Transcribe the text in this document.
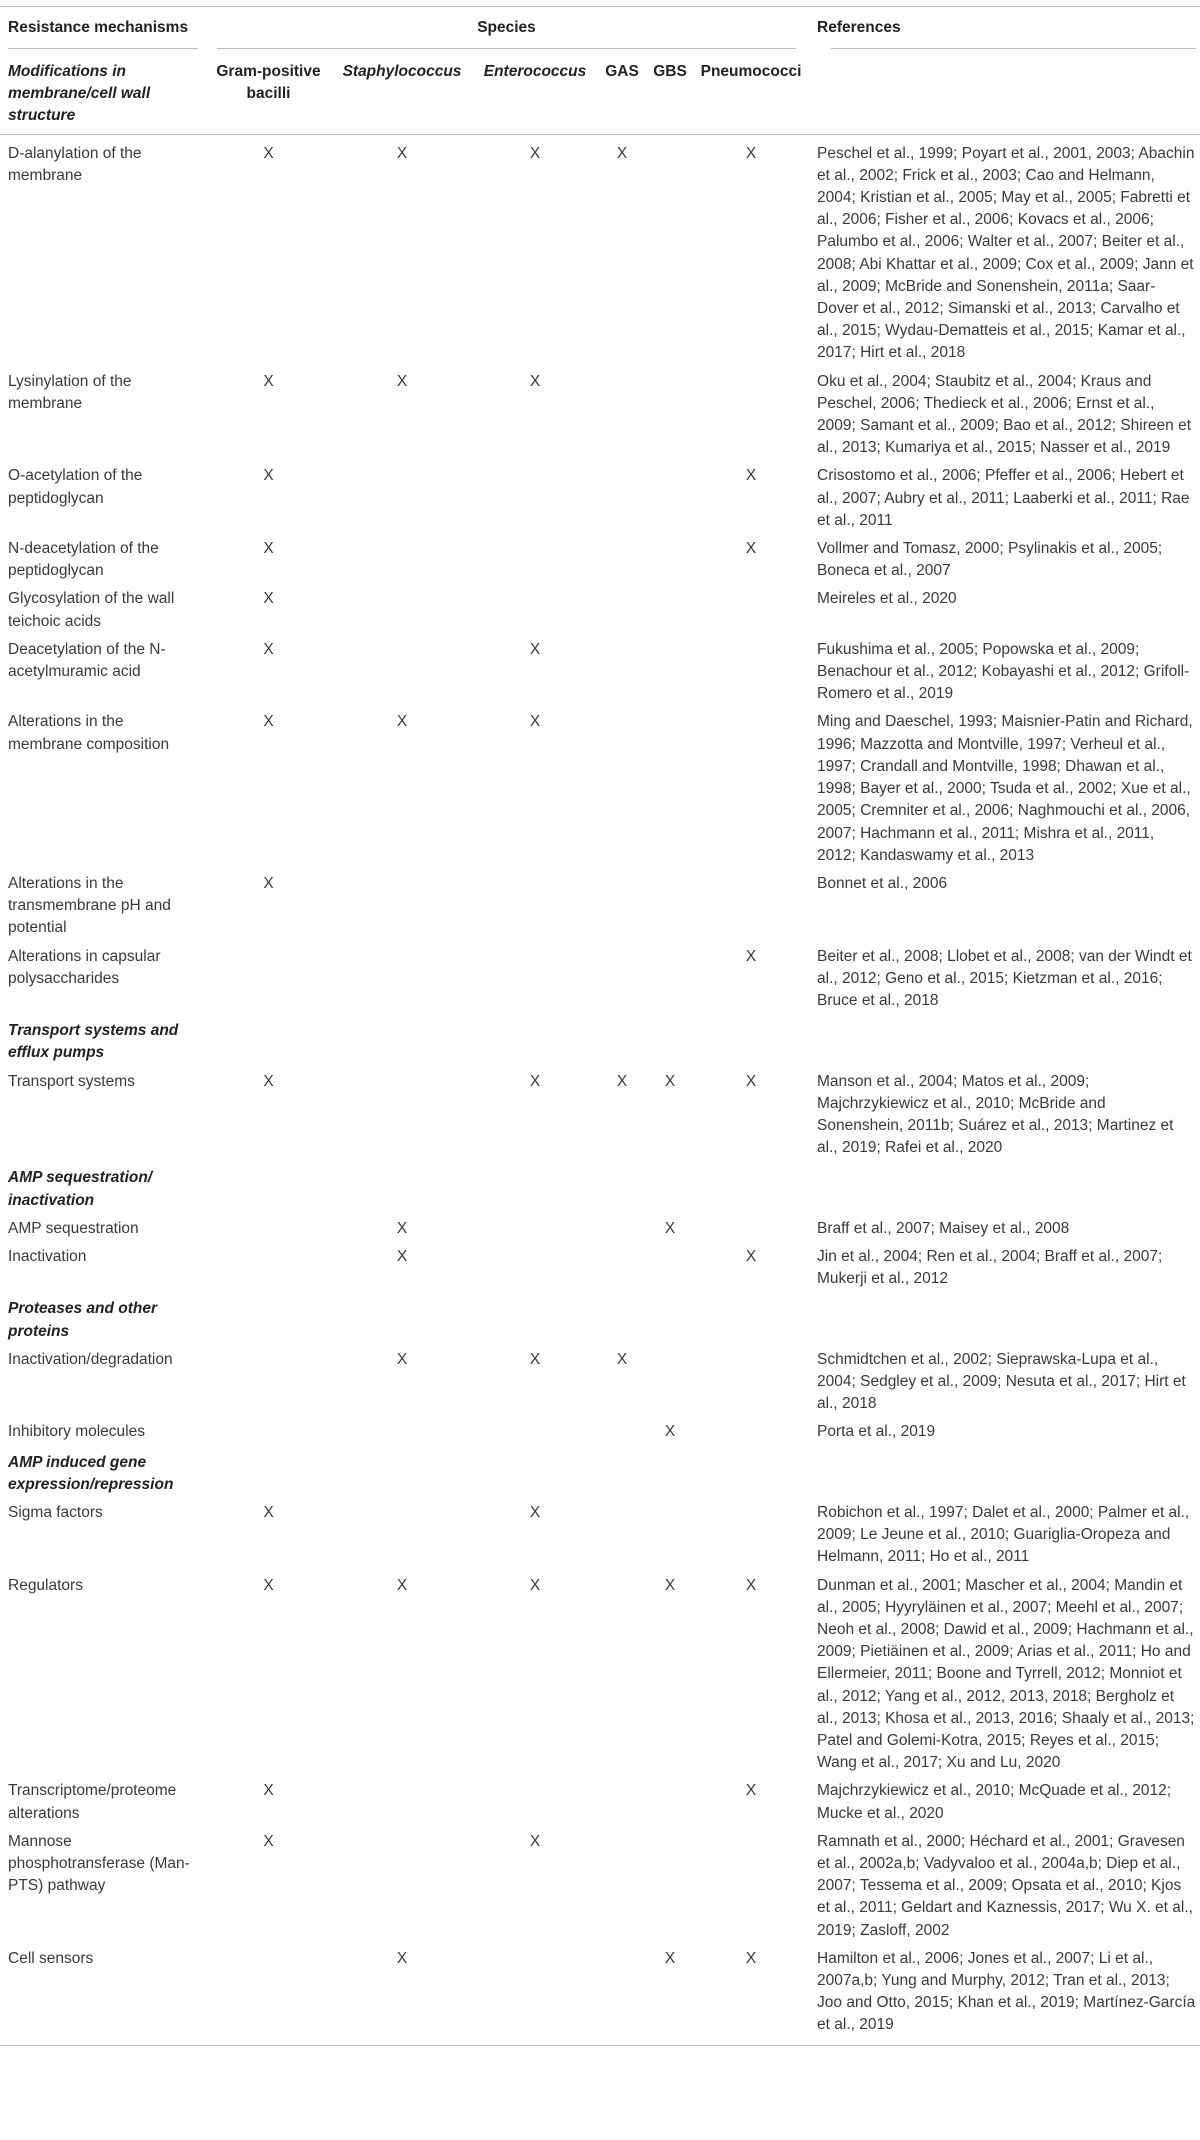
Resistance mechanisms	Species						References
Modifications in membrane/cell wall structure	Gram-positive bacilli	Staphylococcus	Enterococcus	GAS	GBS	Pneumococci	
D-alanylation of the membrane	X	X	X	X		X	Peschel et al., 1999; Poyart et al., 2001, 2003; Abachin et al., 2002; Frick et al., 2003; Cao and Helmann, 2004; Kristian et al., 2005; May et al., 2005; Fabretti et al., 2006; Fisher et al., 2006; Kovacs et al., 2006; Palumbo et al., 2006; Walter et al., 2007; Beiter et al., 2008; Abi Khattar et al., 2009; Cox et al., 2009; Jann et al., 2009; McBride and Sonenshein, 2011a; Saar-Dover et al., 2012; Simanski et al., 2013; Carvalho et al., 2015; Wydau-Dematteis et al., 2015; Kamar et al., 2017; Hirt et al., 2018
Lysinylation of the membrane	X	X	X				Oku et al., 2004; Staubitz et al., 2004; Kraus and Peschel, 2006; Thedieck et al., 2006; Ernst et al., 2009; Samant et al., 2009; Bao et al., 2012; Shireen et al., 2013; Kumariya et al., 2015; Nasser et al., 2019
O-acetylation of the peptidoglycan	X					X	Crisostomo et al., 2006; Pfeffer et al., 2006; Hebert et al., 2007; Aubry et al., 2011; Laaberki et al., 2011; Rae et al., 2011
N-deacetylation of the peptidoglycan	X					X	Vollmer and Tomasz, 2000; Psylinakis et al., 2005; Boneca et al., 2007
Glycosylation of the wall teichoic acids	X						Meireles et al., 2020
Deacetylation of the N-acetylmuramic acid	X		X				Fukushima et al., 2005; Popowska et al., 2009; Benachour et al., 2012; Kobayashi et al., 2012; Grifoll-Romero et al., 2019
Alterations in the membrane composition	X	X	X				Ming and Daeschel, 1993; Maisnier-Patin and Richard, 1996; Mazzotta and Montville, 1997; Verheul et al., 1997; Crandall and Montville, 1998; Dhawan et al., 1998; Bayer et al., 2000; Tsuda et al., 2002; Xue et al., 2005; Cremniter et al., 2006; Naghmouchi et al., 2006, 2007; Hachmann et al., 2011; Mishra et al., 2011, 2012; Kandaswamy et al., 2013
Alterations in the transmembrane pH and potential	X						Bonnet et al., 2006
Alterations in capsular polysaccharides						X	Beiter et al., 2008; Llobet et al., 2008; van der Windt et al., 2012; Geno et al., 2015; Kietzman et al., 2016; Bruce et al., 2018
Transport systems and efflux pumps							
Transport systems	X		X	X	X	X	Manson et al., 2004; Matos et al., 2009; Majchrzykiewicz et al., 2010; McBride and Sonenshein, 2011b; Suárez et al., 2013; Martinez et al., 2019; Rafei et al., 2020
AMP sequestration/ inactivation							
AMP sequestration		X			X		Braff et al., 2007; Maisey et al., 2008
Inactivation		X				X	Jin et al., 2004; Ren et al., 2004; Braff et al., 2007; Mukerji et al., 2012
Proteases and other proteins							
Inactivation/degradation		X	X	X			Schmidtchen et al., 2002; Sieprawska-Lupa et al., 2004; Sedgley et al., 2009; Nesuta et al., 2017; Hirt et al., 2018
Inhibitory molecules					X		Porta et al., 2019
AMP induced gene expression/repression							
Sigma factors	X		X				Robichon et al., 1997; Dalet et al., 2000; Palmer et al., 2009; Le Jeune et al., 2010; Guariglia-Oropeza and Helmann, 2011; Ho et al., 2011
Regulators	X	X	X		X	X	Dunman et al., 2001; Mascher et al., 2004; Mandin et al., 2005; Hyyryläinen et al., 2007; Meehl et al., 2007; Neoh et al., 2008; Dawid et al., 2009; Hachmann et al., 2009; Pietiäinen et al., 2009; Arias et al., 2011; Ho and Ellermeier, 2011; Boone and Tyrrell, 2012; Monniot et al., 2012; Yang et al., 2012, 2013, 2018; Bergholz et al., 2013; Khosa et al., 2013, 2016; Shaaly et al., 2013; Patel and Golemi-Kotra, 2015; Reyes et al., 2015; Wang et al., 2017; Xu and Lu, 2020
Transcriptome/proteome alterations	X					X	Majchrzykiewicz et al., 2010; McQuade et al., 2012; Mucke et al., 2020
Mannose phosphotransferase (Man-PTS) pathway	X		X				Ramnath et al., 2000; Héchard et al., 2001; Gravesen et al., 2002a,b; Vadyvaloo et al., 2004a,b; Diep et al., 2007; Tessema et al., 2009; Opsata et al., 2010; Kjos et al., 2011; Geldart and Kaznessis, 2017; Wu X. et al., 2019; Zasloff, 2002
Cell sensors		X			X	X	Hamilton et al., 2006; Jones et al., 2007; Li et al., 2007a,b; Yung and Murphy, 2012; Tran et al., 2013; Joo and Otto, 2015; Khan et al., 2019; Martínez-García et al., 2019
